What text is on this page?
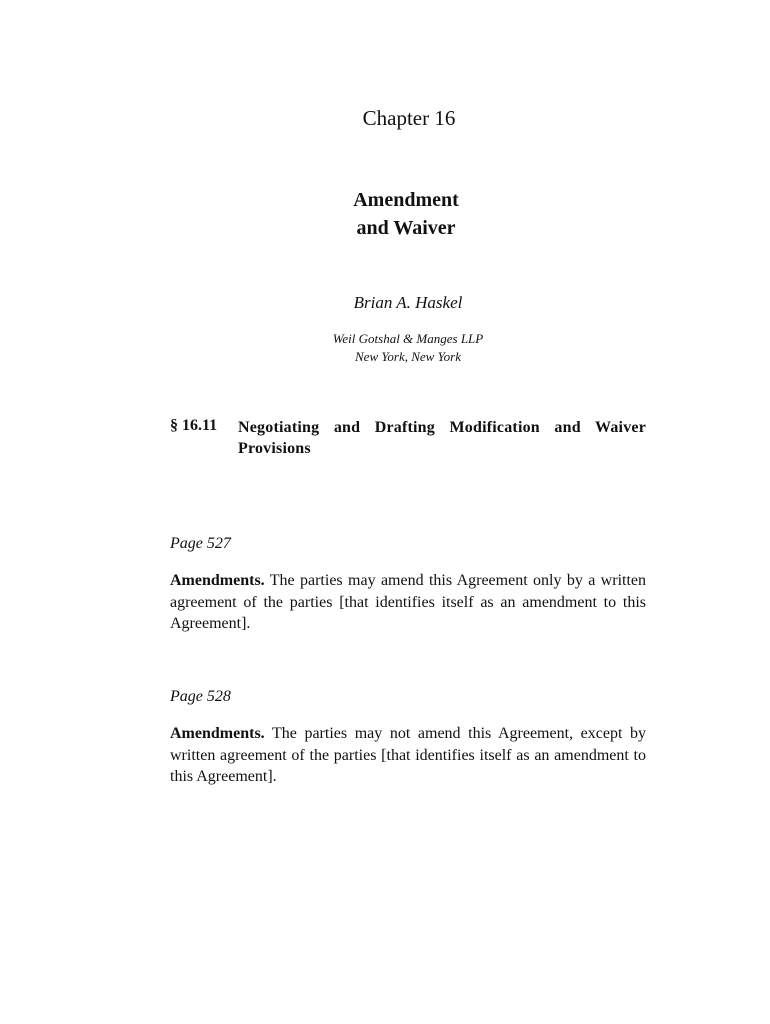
Chapter 16
Amendment
and Waiver
Brian A. Haskel
Weil Gotshal & Manges LLP
New York, New York
§ 16.11 Negotiating and Drafting Modification and Waiver Provisions
Page 527
Amendments. The parties may amend this Agreement only by a written agreement of the parties [that identifies itself as an amendment to this Agreement].
Page 528
Amendments. The parties may not amend this Agreement, except by written agreement of the parties [that identifies itself as an amendment to this Agreement].
